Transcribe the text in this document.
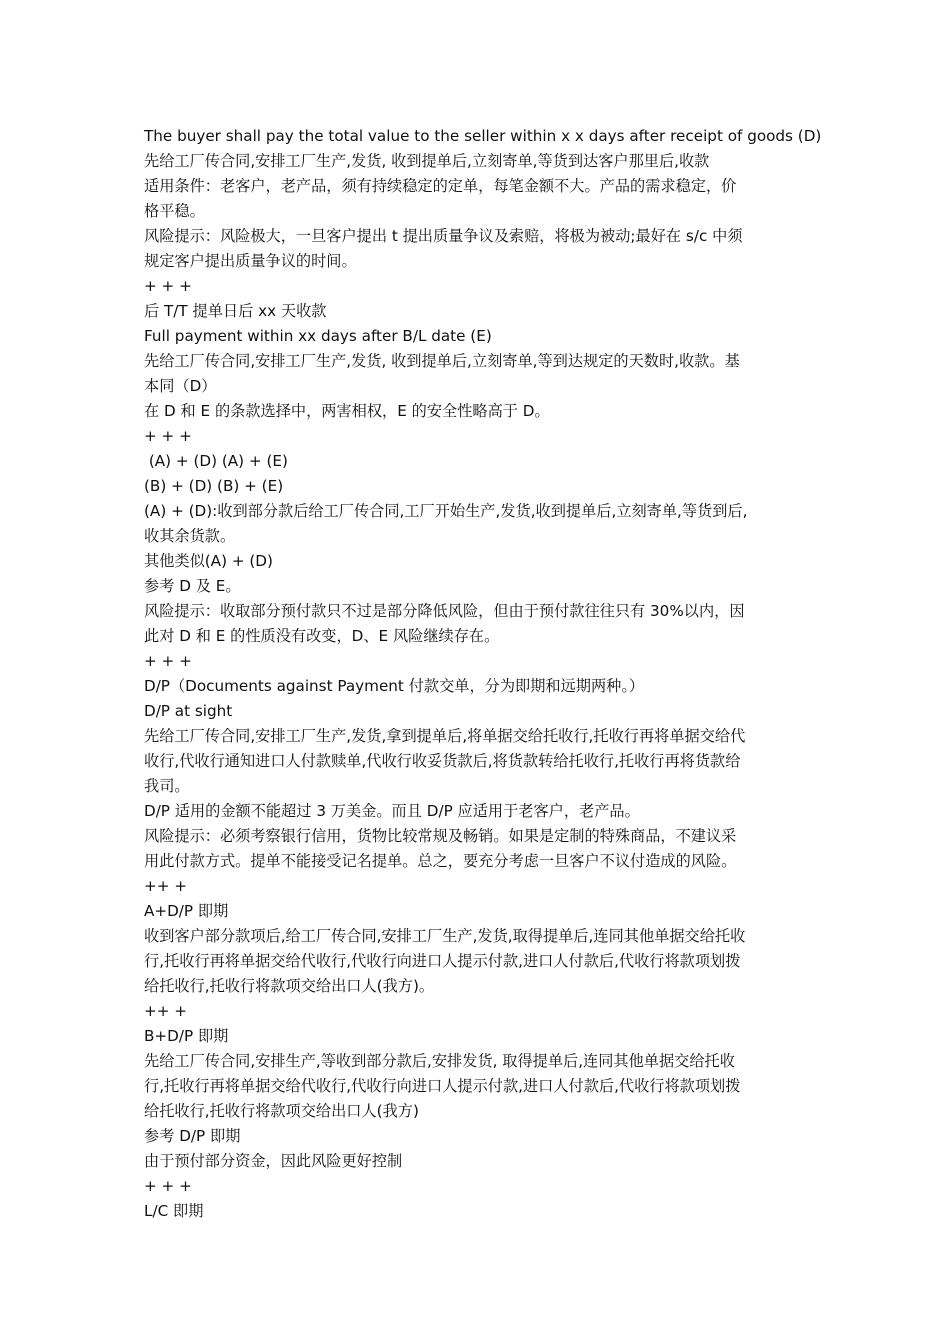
The buyer shall pay the total value to the seller within x x days after receipt of goods (D)

先给工厂传合同,安排工厂生产,发货, 收到提单后,立刻寄单,等货到达客户那里后,收款

适用条件：老客户，老产品，须有持续稳定的定单，每笔金额不大。产品的需求稳定，价

格平稳。

风险提示：风险极大，一旦客户提出 t 提出质量争议及索赔，将极为被动;最好在 s/c 中须

规定客户提出质量争议的时间。

+ + +

后 T/T 提单日后 xx 天收款

Full payment within xx days after B/L date (E)

先给工厂传合同,安排工厂生产,发货, 收到提单后,立刻寄单,等到达规定的天数时,收款。基

本同（D）

在 D 和 E 的条款选择中，两害相权，E 的安全性略高于 D。

+ + +

(A) + (D) (A) + (E)

(B) + (D) (B) + (E)

(A) + (D):收到部分款后给工厂传合同,工厂开始生产,发货,收到提单后,立刻寄单,等货到后,

收其余货款。

其他类似(A) + (D)

参考 D 及 E。

风险提示：收取部分预付款只不过是部分降低风险，但由于预付款往往只有 30%以内，因

此对 D 和 E 的性质没有改变，D、E 风险继续存在。

+ + +

D/P（Documents against Payment 付款交单，分为即期和远期两种。）

D/P at sight

先给工厂传合同,安排工厂生产,发货,拿到提单后,将单据交给托收行,托收行再将单据交给代

收行,代收行通知进口人付款赎单,代收行收妥货款后,将货款转给托收行,托收行再将货款给

我司。

D/P 适用的金额不能超过 3 万美金。而且 D/P 应适用于老客户，老产品。

风险提示：必须考察银行信用，货物比较常规及畅销。如果是定制的特殊商品，不建议采

用此付款方式。提单不能接受记名提单。总之，要充分考虑一旦客户不议付造成的风险。

++ +

A+D/P 即期

收到客户部分款项后,给工厂传合同,安排工厂生产,发货,取得提单后,连同其他单据交给托收

行,托收行再将单据交给代收行,代收行向进口人提示付款,进口人付款后,代收行将款项划拨

给托收行,托收行将款项交给出口人(我方)。

++ +

B+D/P 即期

先给工厂传合同,安排生产,等收到部分款后,安排发货, 取得提单后,连同其他单据交给托收

行,托收行再将单据交给代收行,代收行向进口人提示付款,进口人付款后,代收行将款项划拨

给托收行,托收行将款项交给出口人(我方)

参考 D/P 即期

由于预付部分资金，因此风险更好控制

+ + +

L/C 即期
